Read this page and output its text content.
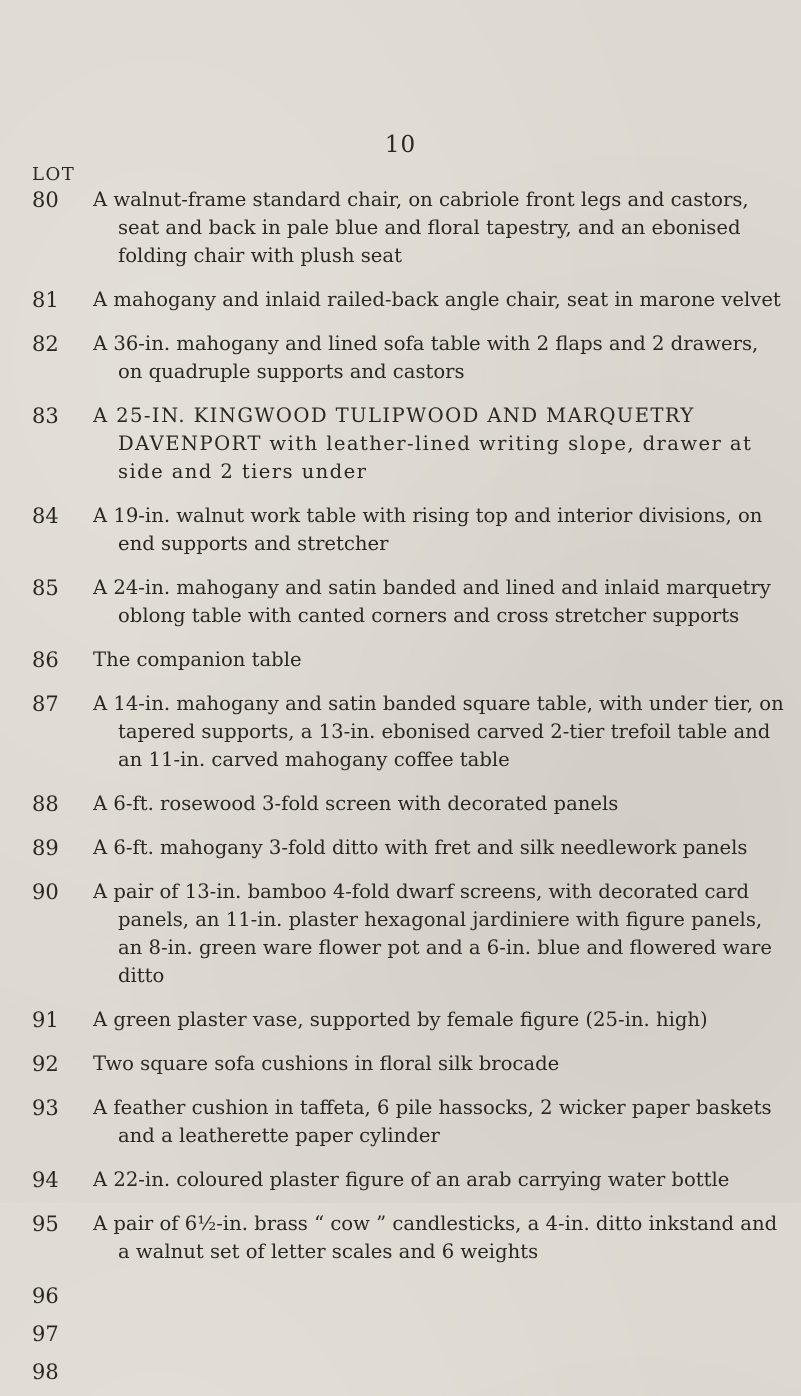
10
LOT
80	A walnut-frame standard chair, on cabriole front legs and castors, seat and back in pale blue and floral tapestry, and an ebonised folding chair with plush seat
81	A mahogany and inlaid railed-back angle chair, seat in marone velvet
82	A 36-in. mahogany and lined sofa table with 2 flaps and 2 drawers, on quadruple supports and castors
83	A 25-IN. KINGWOOD TULIPWOOD AND MARQUETRY DAVENPORT with leather-lined writing slope, drawer at side and 2 tiers under
84	A 19-in. walnut work table with rising top and interior divisions, on end supports and stretcher
85	A 24-in. mahogany and satin banded and lined and inlaid marquetry oblong table with canted corners and cross stretcher supports
86	The companion table
87	A 14-in. mahogany and satin banded square table, with under tier, on tapered supports, a 13-in. ebonised carved 2-tier trefoil table and an 11-in. carved mahogany coffee table
88	A 6-ft. rosewood 3-fold screen with decorated panels
89	A 6-ft. mahogany 3-fold ditto with fret and silk needlework panels
90	A pair of 13-in. bamboo 4-fold dwarf screens, with decorated card panels, an 11-in. plaster hexagonal jardiniere with figure panels, an 8-in. green ware flower pot and a 6-in. blue and flowered ware ditto
91	A green plaster vase, supported by female figure (25-in. high)
92	Two square sofa cushions in floral silk brocade
93	A feather cushion in taffeta, 6 pile hassocks, 2 wicker paper baskets and a leatherette paper cylinder
94	A 22-in. coloured plaster figure of an arab carrying water bottle
95	A pair of 6½-in. brass “ cow ” candlesticks, a 4-in. ditto inkstand and a walnut set of letter scales and 6 weights
96
97
98
